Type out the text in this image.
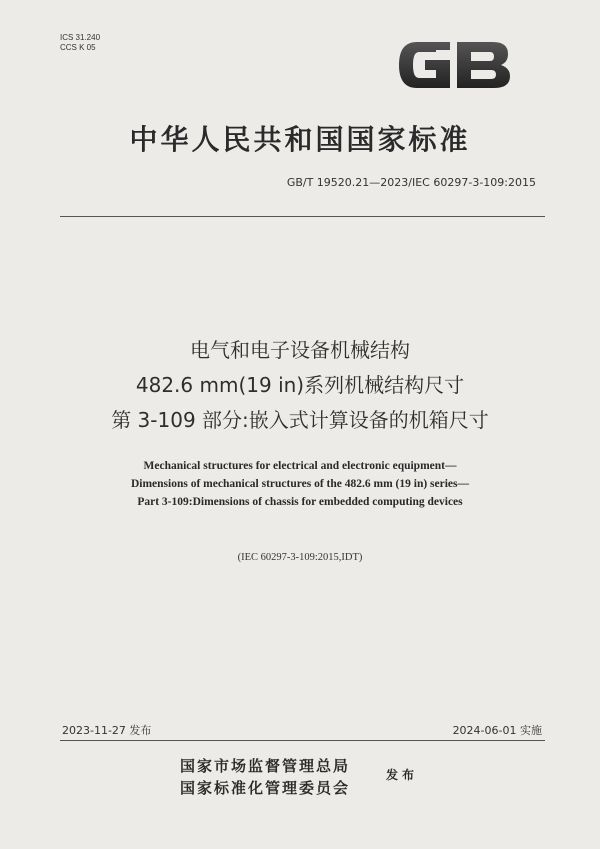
ICS 31.240
CCS K 05
GB
中华人民共和国国家标准
GB/T 19520.21—2023/IEC 60297-3-109:2015
电气和电子设备机械结构
482.6 mm(19 in)系列机械结构尺寸
第 3-109 部分:嵌入式计算设备的机箱尺寸
Mechanical structures for electrical and electronic equipment—
Dimensions of mechanical structures of the 482.6 mm (19 in) series—
Part 3-109:Dimensions of chassis for embedded computing devices
(IEC 60297-3-109:2015,IDT)
2023-11-27 发布	2024-06-01 实施
国家市场监督管理总局
国家标准化管理委员会
发布
